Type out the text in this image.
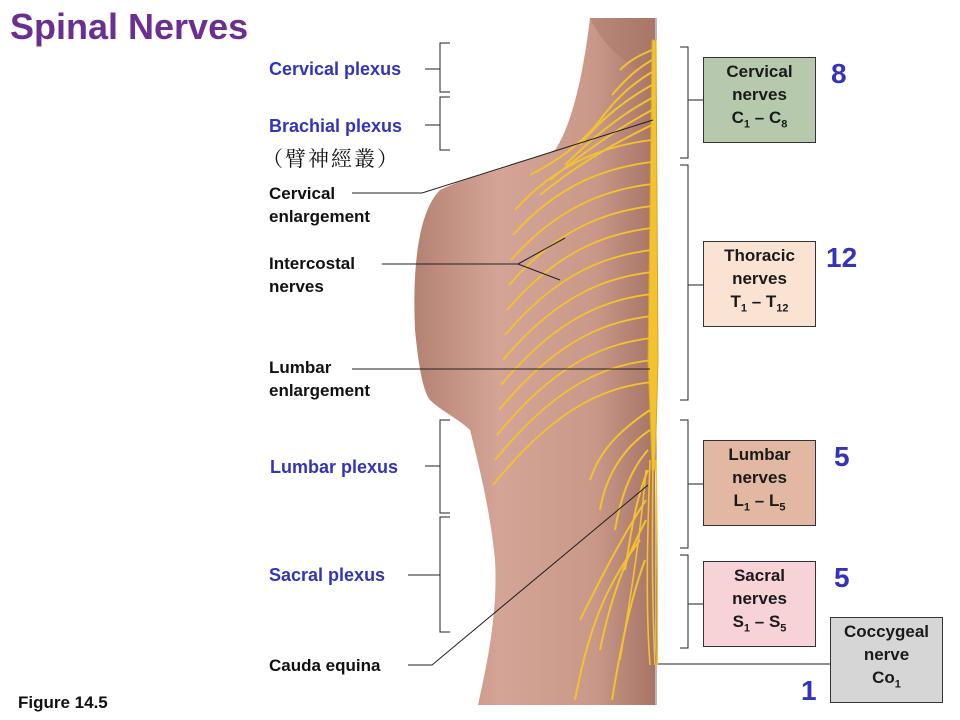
Spinal Nerves
Cervical plexus
Brachial plexus
（臂神經叢）
Cervical
enlargement
Intercostal
nerves
Lumbar
enlargement
Lumbar plexus
Sacral plexus
Cauda equina
Cervical
nerves
$C_1 - C_8$
8
Thoracic
nerves
$T_1 - T_{12}$
12
Lumbar
nerves
$L_1 - L_5$
5
Sacral
nerves
$S_1 - S_5$
5
Coccygeal
nerve
$Co_1$
1
Figure 14.5
